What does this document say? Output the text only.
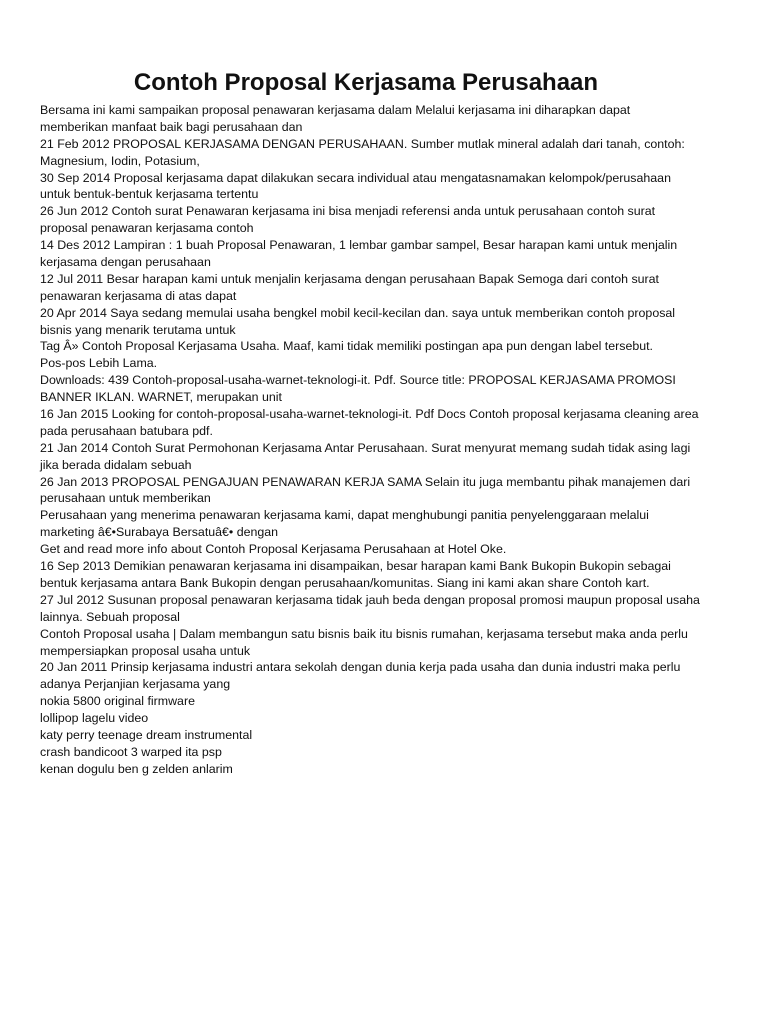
Contoh Proposal Kerjasama Perusahaan
Bersama ini kami sampaikan proposal penawaran kerjasama dalam Melalui kerjasama ini diharapkan dapat
memberikan manfaat baik bagi perusahaan dan
21 Feb 2012 PROPOSAL KERJASAMA DENGAN PERUSAHAAN. Sumber mutlak mineral adalah dari tanah, contoh:
Magnesium, Iodin, Potasium,
30 Sep 2014 Proposal kerjasama dapat dilakukan secara individual atau mengatasnamakan kelompok/perusahaan
untuk bentuk-bentuk kerjasama tertentu
26 Jun 2012 Contoh surat Penawaran kerjasama ini bisa menjadi referensi anda untuk perusahaan contoh surat
proposal penawaran kerjasama contoh
14 Des 2012 Lampiran : 1 buah Proposal Penawaran, 1 lembar gambar sampel, Besar harapan kami untuk menjalin
kerjasama dengan perusahaan
12 Jul 2011 Besar harapan kami untuk menjalin kerjasama dengan perusahaan Bapak Semoga dari contoh surat
penawaran kerjasama di atas dapat
20 Apr 2014 Saya sedang memulai usaha bengkel mobil kecil-kecilan dan. saya untuk memberikan contoh proposal
bisnis yang menarik terutama untuk
Tag Â» Contoh Proposal Kerjasama Usaha. Maaf, kami tidak memiliki postingan apa pun dengan label tersebut.
Pos-pos Lebih Lama.
Downloads: 439 Contoh-proposal-usaha-warnet-teknologi-it. Pdf. Source title: PROPOSAL KERJASAMA PROMOSI
BANNER IKLAN. WARNET, merupakan unit
16 Jan 2015 Looking for contoh-proposal-usaha-warnet-teknologi-it. Pdf Docs Contoh proposal kerjasama cleaning area
pada perusahaan batubara pdf.
21 Jan 2014 Contoh Surat Permohonan Kerjasama Antar Perusahaan. Surat menyurat memang sudah tidak asing lagi
jika berada didalam sebuah
26 Jan 2013 PROPOSAL PENGAJUAN PENAWARAN KERJA SAMA Selain itu juga membantu pihak manajemen dari
perusahaan untuk memberikan
Perusahaan yang menerima penawaran kerjasama kami, dapat menghubungi panitia penyelenggaraan melalui
marketing â€•Surabaya Bersatuâ€• dengan
Get and read more info about Contoh Proposal Kerjasama Perusahaan at Hotel Oke.
16 Sep 2013 Demikian penawaran kerjasama ini disampaikan, besar harapan kami Bank Bukopin Bukopin sebagai
bentuk kerjasama antara Bank Bukopin dengan perusahaan/komunitas. Siang ini kami akan share Contoh kart.
27 Jul 2012 Susunan proposal penawaran kerjasama tidak jauh beda dengan proposal promosi maupun proposal usaha
lainnya. Sebuah proposal
Contoh Proposal usaha | Dalam membangun satu bisnis baik itu bisnis rumahan, kerjasama tersebut maka anda perlu
mempersiapkan proposal usaha untuk
20 Jan 2011 Prinsip kerjasama industri antara sekolah dengan dunia kerja pada usaha dan dunia industri maka perlu
adanya Perjanjian kerjasama yang
nokia 5800 original firmware
lollipop lagelu video
katy perry teenage dream instrumental
crash bandicoot 3 warped ita psp
kenan dogulu ben g zelden anlarim
